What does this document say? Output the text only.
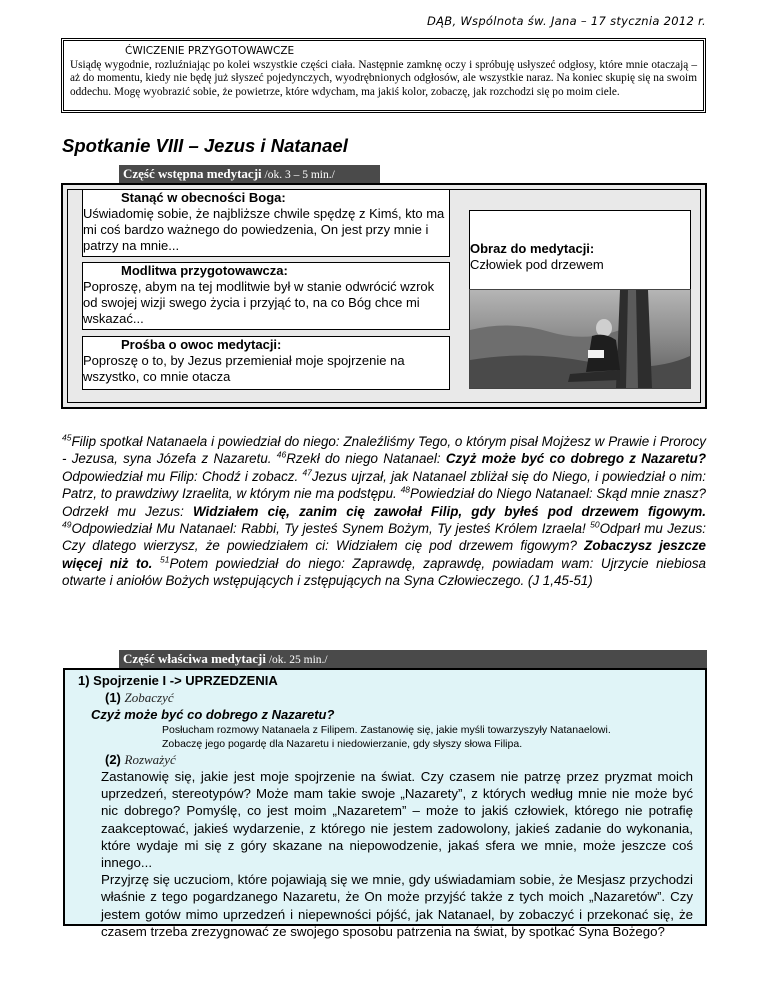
DĄB, Wspólnota św. Jana – 17 stycznia 2012 r.
ĆWICZENIE PRZYGOTOWAWCZE
Usiądę wygodnie, rozluźniając po kolei wszystkie części ciała. Następnie zamknę oczy i spróbuję usłyszeć odgłosy, które mnie otaczają – aż do momentu, kiedy nie będę już słyszeć pojedynczych, wyodrębnionych odgłosów, ale wszystkie naraz. Na koniec skupię się na swoim oddechu. Mogę wyobrazić sobie, że powietrze, które wdycham, ma jakiś kolor, zobaczę, jak rozchodzi się po moim ciele.
Spotkanie VIII – Jezus i Natanael
Część wstępna medytacji /ok. 3 – 5 min./
Stanąć w obecności Boga:
Uświadomię sobie, że najbliższe chwile spędzę z Kimś, kto ma mi coś bardzo ważnego do powiedzenia, On jest przy mnie i patrzy na mnie...
Modlitwa przygotowawcza:
Poproszę, abym na tej modlitwie był w stanie odwrócić wzrok od swojej wizji swego życia i przyjąć to, na co Bóg chce mi wskazać...
Prośba o owoc medytacji:
Poproszę o to, by Jezus przemieniał moje spojrzenie na wszystko, co mnie otacza
Obraz do medytacji:
Człowiek pod drzewem
$^{45}$Filip spotkał Natanaela i powiedział do niego: Znaleźliśmy Tego, o którym pisał Mojżesz w Prawie i Prorocy - Jezusa, syna Józefa z Nazaretu. $^{46}$Rzekł do niego Natanael: Czyż może być co dobrego z Nazaretu? Odpowiedział mu Filip: Chodź i zobacz. $^{47}$Jezus ujrzał, jak Natanael zbliżał się do Niego, i powiedział o nim: Patrz, to prawdziwy Izraelita, w którym nie ma podstępu. $^{48}$Powiedział do Niego Natanael: Skąd mnie znasz? Odrzekł mu Jezus: Widziałem cię, zanim cię zawołał Filip, gdy byłeś pod drzewem figowym. $^{49}$Odpowiedział Mu Natanael: Rabbi, Ty jesteś Synem Bożym, Ty jesteś Królem Izraela! $^{50}$Odparł mu Jezus: Czy dlatego wierzysz, że powiedziałem ci: Widziałem cię pod drzewem figowym? Zobaczysz jeszcze więcej niż to. $^{51}$Potem powiedział do niego: Zaprawdę, zaprawdę, powiadam wam: Ujrzycie niebiosa otwarte i aniołów Bożych wstępujących i zstępujących na Syna Człowieczego. (J 1,45-51)
Część właściwa medytacji /ok. 25 min./
1) Spojrzenie I -> UPRZEDZENIA
(1) Zobaczyć
Czyż może być co dobrego z Nazaretu?
Posłucham rozmowy Natanaela z Filipem. Zastanowię się, jakie myśli towarzyszyły Natanaelowi.
Zobaczę jego pogardę dla Nazaretu i niedowierzanie, gdy słyszy słowa Filipa.
(2) Rozważyć
Zastanowię się, jakie jest moje spojrzenie na świat. Czy czasem nie patrzę przez pryzmat moich uprzedzeń, stereotypów? Może mam takie swoje „Nazarety”, z których według mnie nie może być nic dobrego? Pomyślę, co jest moim „Nazaretem” – może to jakiś człowiek, którego nie potrafię zaakceptować, jakieś wydarzenie, z którego nie jestem zadowolony, jakieś zadanie do wykonania, które wydaje mi się z góry skazane na niepowodzenie, jakaś sfera we mnie, może jeszcze coś innego...
Przyjrzę się uczuciom, które pojawiają się we mnie, gdy uświadamiam sobie, że Mesjasz przychodzi właśnie z tego pogardzanego Nazaretu, że On może przyjść także z tych moich „Nazaretów”. Czy jestem gotów mimo uprzedzeń i niepewności pójść, jak Natanael, by zobaczyć i przekonać się, że czasem trzeba zrezygnować ze swojego sposobu patrzenia na świat, by spotkać Syna Bożego?
